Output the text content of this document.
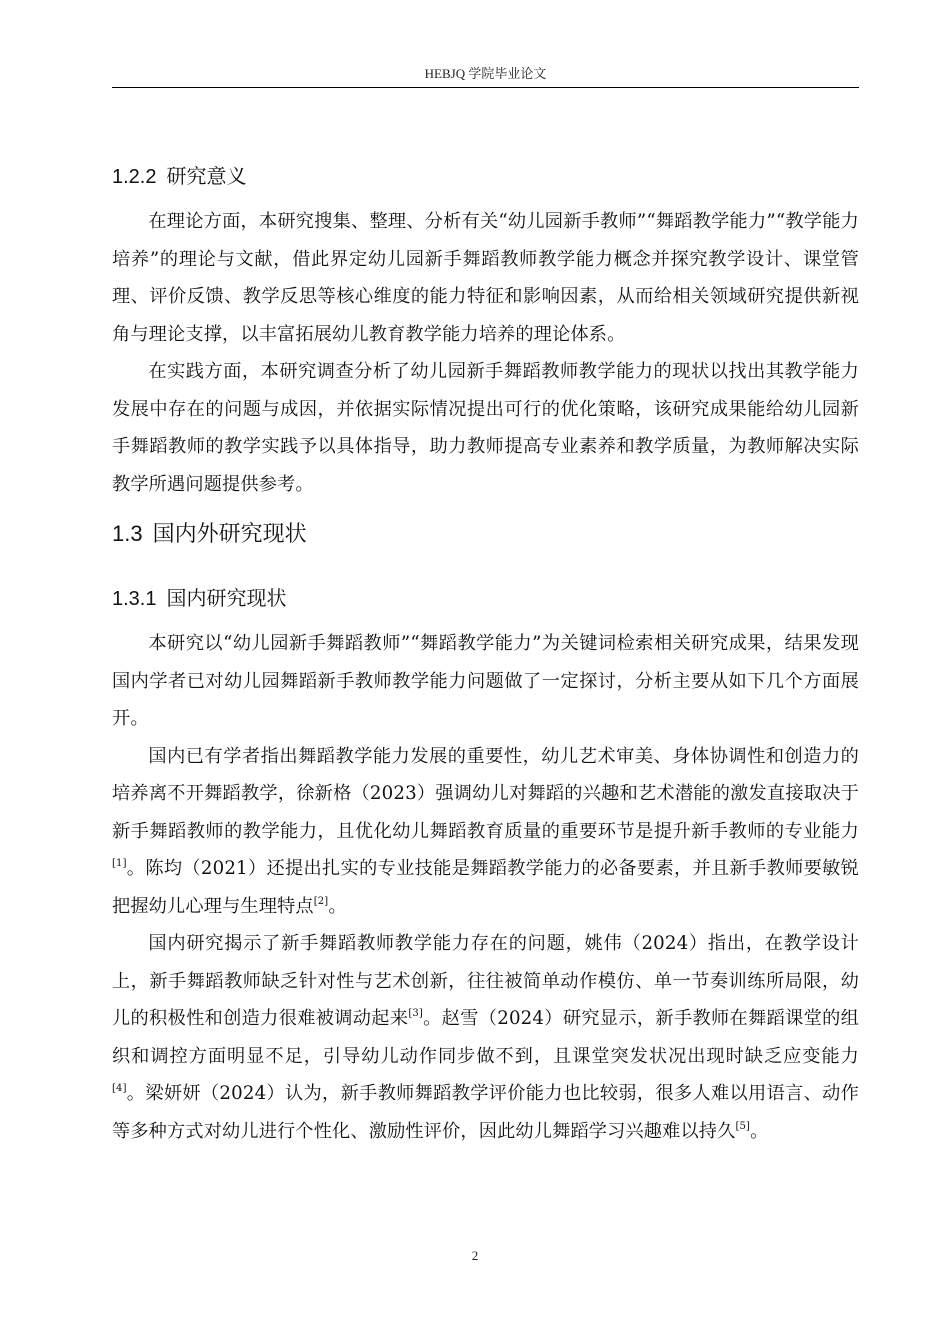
HEBJQ 学院毕业论文
1.2.2 研究意义

在理论方面，本研究搜集、整理、分析有关“幼儿园新手教师”“舞蹈教学能力”“教学能力培养”的理论与文献，借此界定幼儿园新手舞蹈教师教学能力概念并探究教学设计、课堂管理、评价反馈、教学反思等核心维度的能力特征和影响因素，从而给相关领域研究提供新视角与理论支撑，以丰富拓展幼儿教育教学能力培养的理论体系。

在实践方面，本研究调查分析了幼儿园新手舞蹈教师教学能力的现状以找出其教学能力发展中存在的问题与成因，并依据实际情况提出可行的优化策略，该研究成果能给幼儿园新手舞蹈教师的教学实践予以具体指导，助力教师提高专业素养和教学质量，为教师解决实际教学所遇问题提供参考。

1.3 国内外研究现状
1.3.1 国内研究现状

本研究以“幼儿园新手舞蹈教师”“舞蹈教学能力”为关键词检索相关研究成果，结果发现国内学者已对幼儿园舞蹈新手教师教学能力问题做了一定探讨，分析主要从如下几个方面展开。

国内已有学者指出舞蹈教学能力发展的重要性，幼儿艺术审美、身体协调性和创造力的培养离不开舞蹈教学，徐新格（2023）强调幼儿对舞蹈的兴趣和艺术潜能的激发直接取决于新手舞蹈教师的教学能力，且优化幼儿舞蹈教育质量的重要环节是提升新手教师的专业能力[1]。陈均（2021）还提出扎实的专业技能是舞蹈教学能力的必备要素，并且新手教师要敏锐把握幼儿心理与生理特点[2]。

国内研究揭示了新手舞蹈教师教学能力存在的问题，姚伟（2024）指出，在教学设计上，新手舞蹈教师缺乏针对性与艺术创新，往往被简单动作模仿、单一节奏训练所局限，幼儿的积极性和创造力很难被调动起来[3]。赵雪（2024）研究显示，新手教师在舞蹈课堂的组织和调控方面明显不足，引导幼儿动作同步做不到，且课堂突发状况出现时缺乏应变能力[4]。梁妍妍（2024）认为，新手教师舞蹈教学评价能力也比较弱，很多人难以用语言、动作等多种方式对幼儿进行个性化、激励性评价，因此幼儿舞蹈学习兴趣难以持久[5]。

2
